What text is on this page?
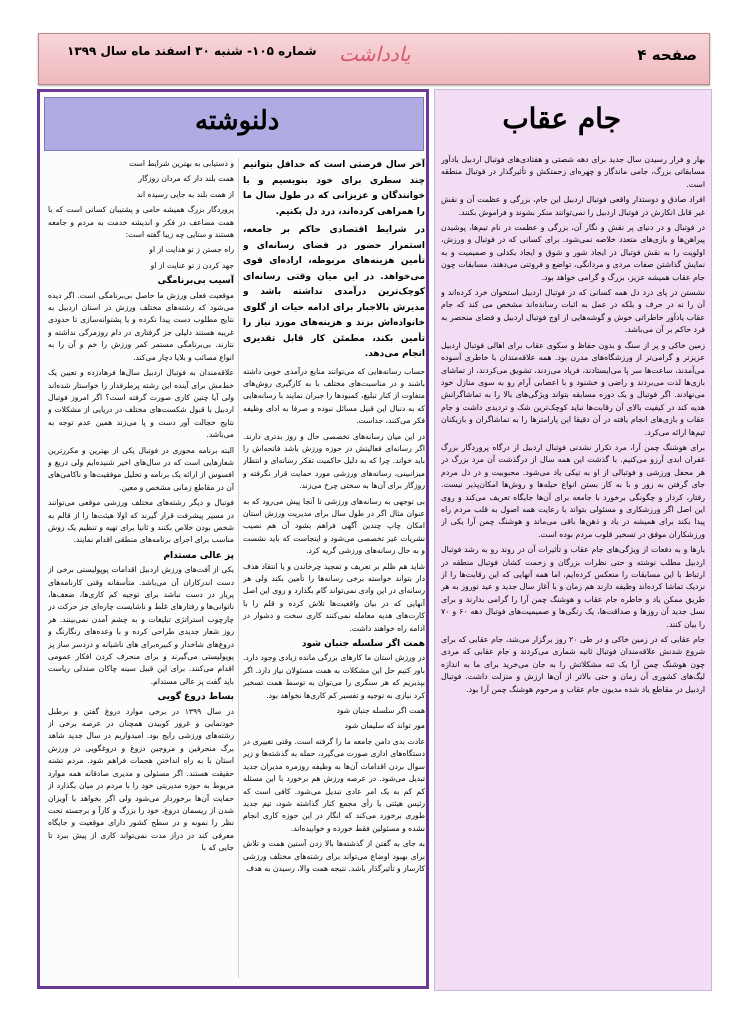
صفحه ۴
یادداشت
شماره ۱۰۵- شنبه ۳۰ اسفند ماه سال ۱۳۹۹
جام عقاب

بهار و فرار رسیدن سال جدید برای دهه شصتی و هفتادی‌های فوتبال اردبیل یادآور مسابقاتی بزرگ، جامی ماندگار و چهره‌ای زحمتکش و تأثیرگذار در فوتبال منطقه است.

افراد صادق و دوستدار واقعی فوتبال اردبیل این جام، بزرگی و عظمت آن و نقش غیر قابل انکارش در فوتبال اردبیل را نمی‌توانند منکر بشوند و فراموش بکنند.

در فوتبال و در دنیای پر نقش و نگار آن، بزرگی و عظمت در نام تیم‌ها، پوشیدن پیراهن‌ها و بازی‌های متعدد خلاصه نمی‌شود. برای کسانی که در فوتبال و ورزش، اولویت را به نقش فوتبال در ایجاد شور و شوق و ایجاد یکدلی و صمیمیت و به نمایش گذاشتن صفات مردی و مردانگی، تواضع و فروتنی می‌دهند، مسابقات چون جام عقاب همیشه عزیز، بزرگ و گرامی خواهد بود.

نشستن در پای درد دل همه کسانی که در فوتبال اردبیل استخوان خرد کرده‌اند و آن را نه در حرف و بلکه در عمل به اثبات رسانده‌اند مشخص می کند که جام عقاب یادآور خاطراتی خوش و گوشه‌هایی از اوج فوتبال اردبیل و فضای منحصر به فرد حاکم بر آن می‌باشد.

زمین خاکی و پر از سنگ و بدون حفاظ و سکوی عقاب برای اهالی فوتبال اردبیل عزیزتر و گرامی‌تر از ورزشگاه‌های مدرن بود. همه علاقه‌مندان با خاطری آسوده می‌آمدند، ساعت‌ها سر پا می‌ایستادند، فریاد می‌زدند، تشویق می‌کردند، از تماشای بازی‌ها لذت می‌بردند و راضی و خشنود و با اعصابی آرام رو به سوی منازل خود می‌نهادند. اگر فوتبال و یک دوره مسابقه بتواند ویژگی‌های بالا را به تماشاگرانش هدیه کند در کیفیت بالای آن رقابت‌ها نباید کوچک‌ترین شک و تردیدی داشت و جام عقاب و بازی‌های انجام یافته در آن دقیقا این پارامترها را به تماشاگران و بازیکنان تیم‌ها ارائه می‌کرد.

برای هوشنگ چمن آرا، مرد تکرار نشدنی فوتبال اردبیل از درگاه پروردگار بزرگ غفران ابدی آرزو می‌کنیم. با گذشت این همه سال از درگذشت آن مرد بزرگ در هر محفل ورزشی و فوتبالی از او به نیکی یاد می‌شود. محبوبیت و در دل مردم جای گرفتن به زور و با به کار بستن انواع حیله‌ها و روش‌ها امکان‌پذیر نیست. رفتار، کردار و چگونگی برخورد با جامعه برای آن‌ها جایگاه تعریف می‌کند و روی این اصل اگر ورزشکاری و مسئولی بتواند با رعایت همه اصول به قلب مردم راه پیدا بکند برای همیشه در یاد و ذهن‌ها باقی می‌ماند و هوشنگ چمن آرا یکی از ورزشکاران موفق در تسخیر قلوب مردم بوده است.

بارها و به دفعات از ویژگی‌های جام عقاب و تأثیرات آن در روند رو به رشد فوتبال اردبیل مطلب نوشته و حتی نظرات بزرگان و زحمت کشان فوتبال منطقه در ارتباط با این مسابقات را منعکس کرده‌ایم، اما همه آنهایی که این رقابت‌ها را از نزدیک تماشا کرده‌اند وظیفه دارند هم زمان و با آغاز سال جدید و عید نوروز به هر طریق ممکن یاد و خاطره جام عقاب و هوشنگ چمن آرا را گرامی بدارند و برای نسل جدید آن روزها و صداقت‌ها، یک رنگی‌ها و صمیمیت‌های فوتبال دهه ۶۰ و ۷۰ را بیان کنند.

جام عقابی که در زمین خاکی و در طی ۲۰ روز برگزار می‌شد، جام عقابی که برای شروع شدنش علاقه‌مندان فوتبال ثانیه شماری می‌کردند و جام عقابی که مردی چون هوشنگ چمن آرا یک تنه مشکلاتش را به جان می‌خرید برای ما به اندازه لیگ‌های کشوری آن زمان و حتی بالاتر از آن‌ها ارزش و منزلت داشت. فوتبال اردبیل در مقاطع یاد شده مدیون جام عقاب و مرحوم هوشنگ چمن آرا بود.

دلنوشته

آخر سال فرصتی است که حداقل بتوانیم چند سطری برای خود بنویسیم و با خوانندگان و عزیزانی که در طول سال ما را همراهی کرده‌اند، درد دل بکنیم.

در شرایط اقتصادی حاکم بر جامعه، استمرار حضور در فضای رسانه‌ای و تأمین هزینه‌های مربوطه، اراده‌ای قوی می‌خواهد. در این میان وقتی رسانه‌ای کوچک‌ترین درآمدی نداشته باشد و مدیرش بالاجبار برای ادامه حیات از گلوی خانواده‌اش بزند و هزینه‌های مورد نیاز را تأمین بکند، مطمئن کار قابل تقدیری انجام می‌دهد.

حساب رسانه‌هایی که می‌توانند منابع درآمدی خوبی داشته باشند و در مناسبت‌های مختلف با به کارگیری روش‌های متفاوت از کنار تبلیغ، کمبودها را جبران نمایند با رسانه‌هایی که به دنبال این قبیل مسائل نبوده و صرفا به ادای وظیفه فکر می‌کنند، جداست.

در این میان رسانه‌های تخصصی حال و روز بدتری دارند. اگر رسانه‌ای فعالیتش در حوزه ورزش باشد فاتحه‌اش را باید خواند. چرا که به دلیل حاکمیت تفکر رسانه‌ای و انتظار میزانبینی، رسانه‌های ورزشی مورد حمایت قرار نگرفته و روزگار برای آن‌ها به سختی چرخ می‌زند.

بی توجهی به رسانه‌های ورزشی تا آنجا پیش می‌رود که به عنوان مثال اگر در طول سال برای مدیریت ورزش استان امکان چاپ چندین آگهی فراهم بشود آن هم نصیب نشریات غیر تخصصی می‌شود و اینجاست که باید نشست و به حال رسانه‌های ورزشی گریه کرد.

شاید هم ظلم بر تعریف و تمجید چرخاندن و یا انتقاد هدف دار بتواند خواسته برخی رسانه‌ها را تأمین بکند ولی هر رسانه‌ای در این وادی نمی‌تواند گام بگذارد و روی این اصل آنهایی که در بیان واقعیت‌ها تلاش کرده و قلم را با کارت‌های هدیه معامله نمی‌کنند کاری سخت و دشوار در ادامه راه خواهند داشت.

همت اگر سلسله جنبان شود

در ورزش استان ما کارهای بزرگی مانده زیادی وجود دارد. باور کنیم حل این مشکلات به همت مسئولان نیاز دارد. اگر بپذیریم که هر سنگری را می‌توان به توسط همت تسخیر کرد نیازی به توجیه و تفسیر کم کاری‌ها نخواهد بود.

همت اگر سلسله جنبان شود

مور تواند که سلیمان شود

عادت بدی دامن جامعه ما را گرفته است. وقتی تغییری در دستگاه‌های اداری صورت می‌گیرد، حمله به گذشته‌ها و زیر سوال بردن اقدامات آن‌ها به وظیفه روزمره مدیران جدید تبدیل می‌شود. در عرصه ورزش هم برخورد با این مسئله کم کم به یک امر عادی تبدیل می‌شود. کافی است که رئیس هیئتی یا رأی مجمع کنار گذاشته شود، تیم جدید طوری برخورد می‌کند که انگار در این حوزه کاری انجام نشده و مسئولین فقط خورده و خوابیده‌اند.

به جای به گفتن از گذشته‌ها بالا زدن آستین همت و تلاش برای بهبود اوضاع می‌تواند برای رشته‌های مختلف ورزشی کارساز و تأثیرگذار باشد. نتیجه همت والا، رسیدن به هدف

و دستیابی به بهترین شرایط است

همت بلند دار که مردان روزگار

از همت بلند به جایی رسیده اند

پروردگار بزرگ همیشه حامی و پشتیبان کسانی است که با همت مضاعف در فکر و اندیشه خدمت به مردم و جامعه هستند و ستایی چه زیبا گفته است:

راه جستن ز تو هدایت از او

جهد کردن ز تو عنایت از او

آسیب بی‌برنامگی

موقعیت فعلی ورزش ما حاصل بی‌برنامگی است. اگر دیده می‌شود که رشته‌های مختلف ورزش در استان اردبیل به نتایج مطلوب دست پیدا نکرده و یا پشتوانه‌سازی تا حدودی غریبه هستند دلیلی جز گرفتاری در دام روزمرگی نداشته و نتارند. بی‌برنامگی مستمر کمر ورزش را خم و آن را به انواع مصائب و بلایا دچار می‌کند.

علاقه‌مندان به فوتبال اردبیل سال‌ها فرهادزده و تعیین یک خط‌مش برای آینده این رشته پرطرفدار را خواستار شده‌اند ولی آیا چنین کاری صورت گرفته است؟ اگر امروز فوتبال اردبیل با قبول شکست‌های مختلف در دریایی از مشکلات و نتایج خجالت آور دست و پا می‌زند همین عدم توجه به می‌باشد.

البته برنامه محوری در فوتبال یکی از بهترین و مکررترین شعارهایی است که در سال‌های اخیر شنیده‌ایم ولی دریغ و افسوس از ارائه یک برنامه و تحلیل موفقیت‌ها و ناکامی‌های آن در مقاطع زمانی مشخص و معین.

فوتبال و دیگر رشته‌های مختلف ورزشی موقعی می‌توانند در مسیر پیشرفت قرار گیرند که اولا هیئت‌ها را از قالم به شخص بودن خلاص بکنند و ثانیا برای تهیه و تنظیم یک روش مناسب برای اجرای برنامه‌های منطقی اقدام نمایند.

پز عالی مستدام

یکی از آفت‌های ورزش اردبیل اقدامات پوپولیستی برخی از دست اندرکاران آن می‌باشد. متأسفانه وقتی کارنامه‌های پربار در دست نباشد برای توجیه کم کاری‌ها، ضعف‌ها، ناتوانی‌ها و رفتارهای غلط و ناشایست چاره‌ای جز حرکت در چارچوب استراتژی تبلیغات و به چشم آمدن نمی‌بینند. هر روز شعار جدیدی طراحی کرده و با وعده‌های رنگارنگ و دروغ‌های شاخدار و کبیره‌برای های ناشیانه و دردسر ساز پز پوپولیستی می‌گیرند و برای منحرف کردن افکار عمومی اقدام می‌کنند. برای این قبیل سینه چاکان صندلی ریاست باید گفت پز عالی مستدام.

بساط دروغ گویی

در سال ۱۳۹۹ در برخی موارد دروغ گفتن و برطبل خودنمایی و غرور کوبیدن همچنان در عرصه برخی از رشته‌های ورزشی رایج بود. امیدواریم در سال جدید شاهد برگ منحرفین و مروجین دروغ و دروغگویی در ورزش استان با به راه انداختن هجمات فراهم شود. مردم تشنه حقیقت هستند. اگر مسئولی و مدیری صادقانه همه موارد مربوط به حوزه مدیریتی خود را با مردم در میان بگذارد از حمایت آن‌ها برخوردار می‌شود ولی اگر بخواهد با آویزان شدن از ریسمان دروغ، خود را بزرگ و کارآ و برجسته تحت نظر را نمونه و در سطح کشور دارای موقعیت و جایگاه معرفی کند در دراز مدت نمی‌تواند کاری از پیش ببرد تا جایی که با
